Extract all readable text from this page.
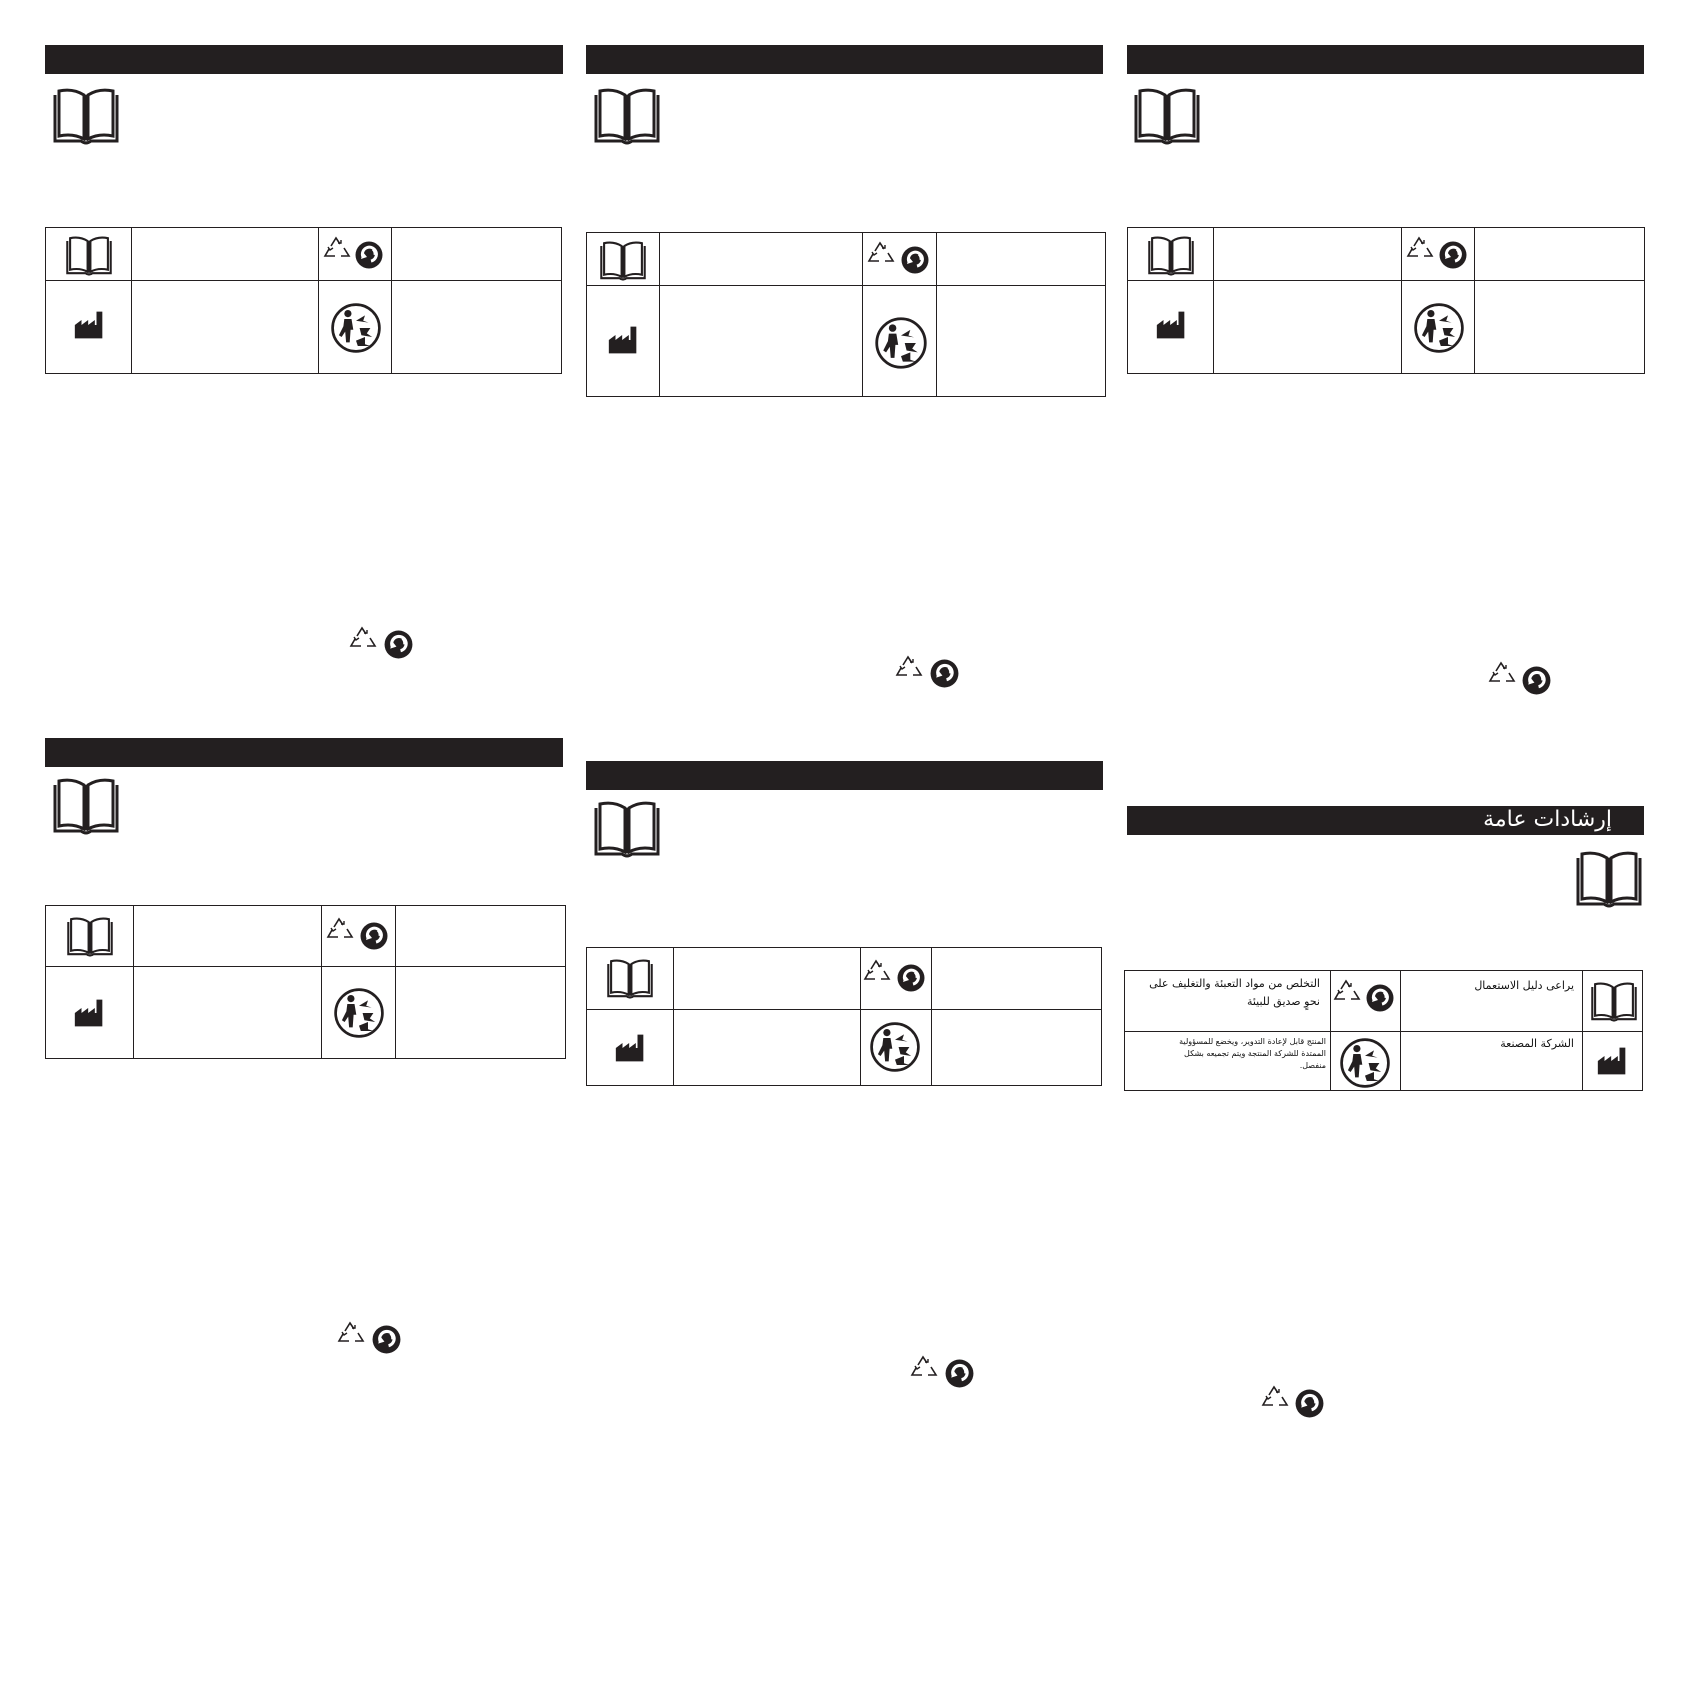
إرشادات عامة
التخلص من مواد التعبئة والتغليف على
نحوٍ صديق للبيئة
يراعى دليل الاستعمال
المنتج قابل لإعادة التدوير، ويخضع للمسؤولية
الممتدة للشركة المنتجة ويتم تجميعه بشكل
منفصل.
الشركة المصنعة
